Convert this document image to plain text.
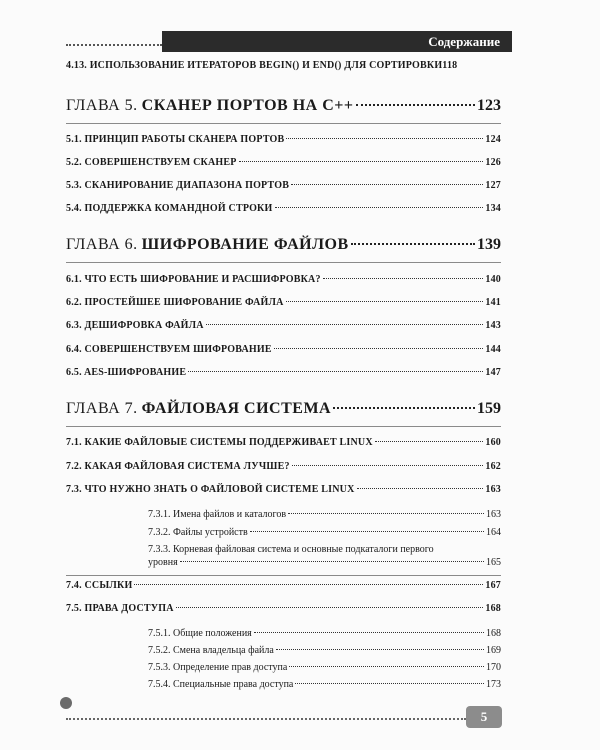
Содержание
4.13. ИСПОЛЬЗОВАНИЕ ИТЕРАТОРОВ BEGIN() И END() ДЛЯ СОРТИРОВКИ 118
ГЛАВА 5. СКАНЕР ПОРТОВ НА С++	123
5.1. ПРИНЦИП РАБОТЫ СКАНЕРА ПОРТОВ	124
5.2. СОВЕРШЕНСТВУЕМ СКАНЕР	126
5.3. СКАНИРОВАНИЕ ДИАПАЗОНА ПОРТОВ	127
5.4. ПОДДЕРЖКА КОМАНДНОЙ СТРОКИ	134
ГЛАВА 6. ШИФРОВАНИЕ ФАЙЛОВ	139
6.1. ЧТО ЕСТЬ ШИФРОВАНИЕ И РАСШИФРОВКА?	140
6.2. ПРОСТЕЙШЕЕ ШИФРОВАНИЕ ФАЙЛА	141
6.3. ДЕШИФРОВКА ФАЙЛА	143
6.4. СОВЕРШЕНСТВУЕМ ШИФРОВАНИЕ	144
6.5. AES-ШИФРОВАНИЕ	147
ГЛАВА 7. ФАЙЛОВАЯ СИСТЕМА	159
7.1. КАКИЕ ФАЙЛОВЫЕ СИСТЕМЫ ПОДДЕРЖИВАЕТ LINUX	160
7.2. КАКАЯ ФАЙЛОВАЯ СИСТЕМА ЛУЧШЕ?	162
7.3. ЧТО НУЖНО ЗНАТЬ О ФАЙЛОВОЙ СИСТЕМЕ LINUX	163
7.3.1. Имена файлов и каталогов	163
7.3.2. Файлы устройств	164
7.3.3. Корневая файловая система и основные подкаталоги первого
уровня	165
7.4. ССЫЛКИ	167
7.5. ПРАВА ДОСТУПА	168
7.5.1. Общие положения	168
7.5.2. Смена владельца файла	169
7.5.3. Определение прав доступа	170
7.5.4. Специальные права доступа	173
5
